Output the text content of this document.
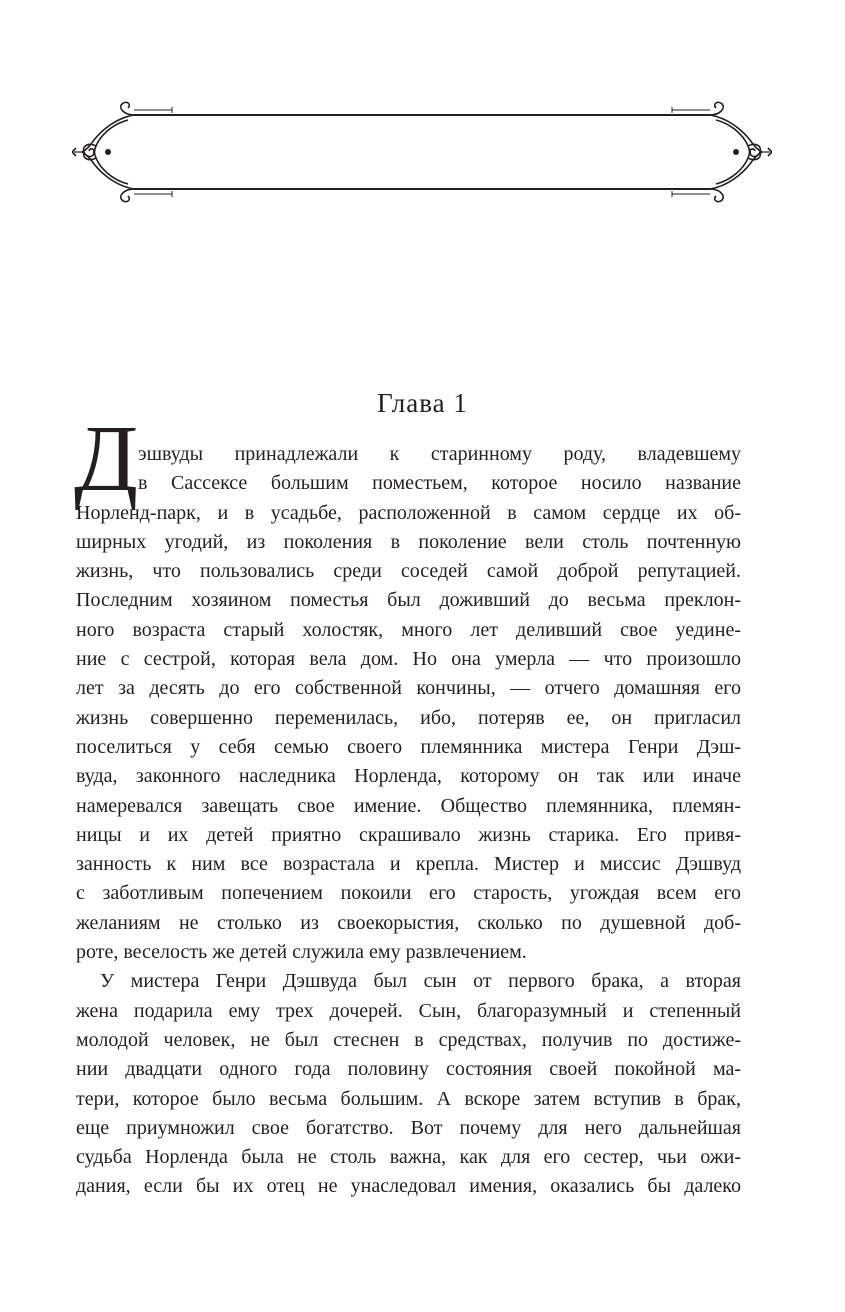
Глава 1
Д эшвуды принадлежали к старинному роду, владевшему
в Сассексе большим поместьем, которое носило название
Норленд-парк, и в усадьбе, расположенной в самом сердце их об-
ширных угодий, из поколения в поколение вели столь почтенную
жизнь, что пользовались среди соседей самой доброй репутацией.
Последним хозяином поместья был доживший до весьма преклон-
ного возраста старый холостяк, много лет деливший свое уедине-
ние с сестрой, которая вела дом. Но она умерла — что произошло
лет за десять до его собственной кончины, — отчего домашняя его
жизнь совершенно переменилась, ибо, потеряв ее, он пригласил
поселиться у себя семью своего племянника мистера Генри Дэш-
вуда, законного наследника Норленда, которому он так или иначе
намеревался завещать свое имение. Общество племянника, племян-
ницы и их детей приятно скрашивало жизнь старика. Его привя-
занность к ним все возрастала и крепла. Мистер и миссис Дэшвуд
с заботливым попечением покоили его старость, угождая всем его
желаниям не столько из своекорыстия, сколько по душевной доб-
роте, веселость же детей служила ему развлечением.
У мистера Генри Дэшвуда был сын от первого брака, а вторая
жена подарила ему трех дочерей. Сын, благоразумный и степенный
молодой человек, не был стеснен в средствах, получив по достиже-
нии двадцати одного года половину состояния своей покойной ма-
тери, которое было весьма большим. А вскоре затем вступив в брак,
еще приумножил свое богатство. Вот почему для него дальнейшая
судьба Норленда была не столь важна, как для его сестер, чьи ожи-
дания, если бы их отец не унаследовал имения, оказались бы далеко
